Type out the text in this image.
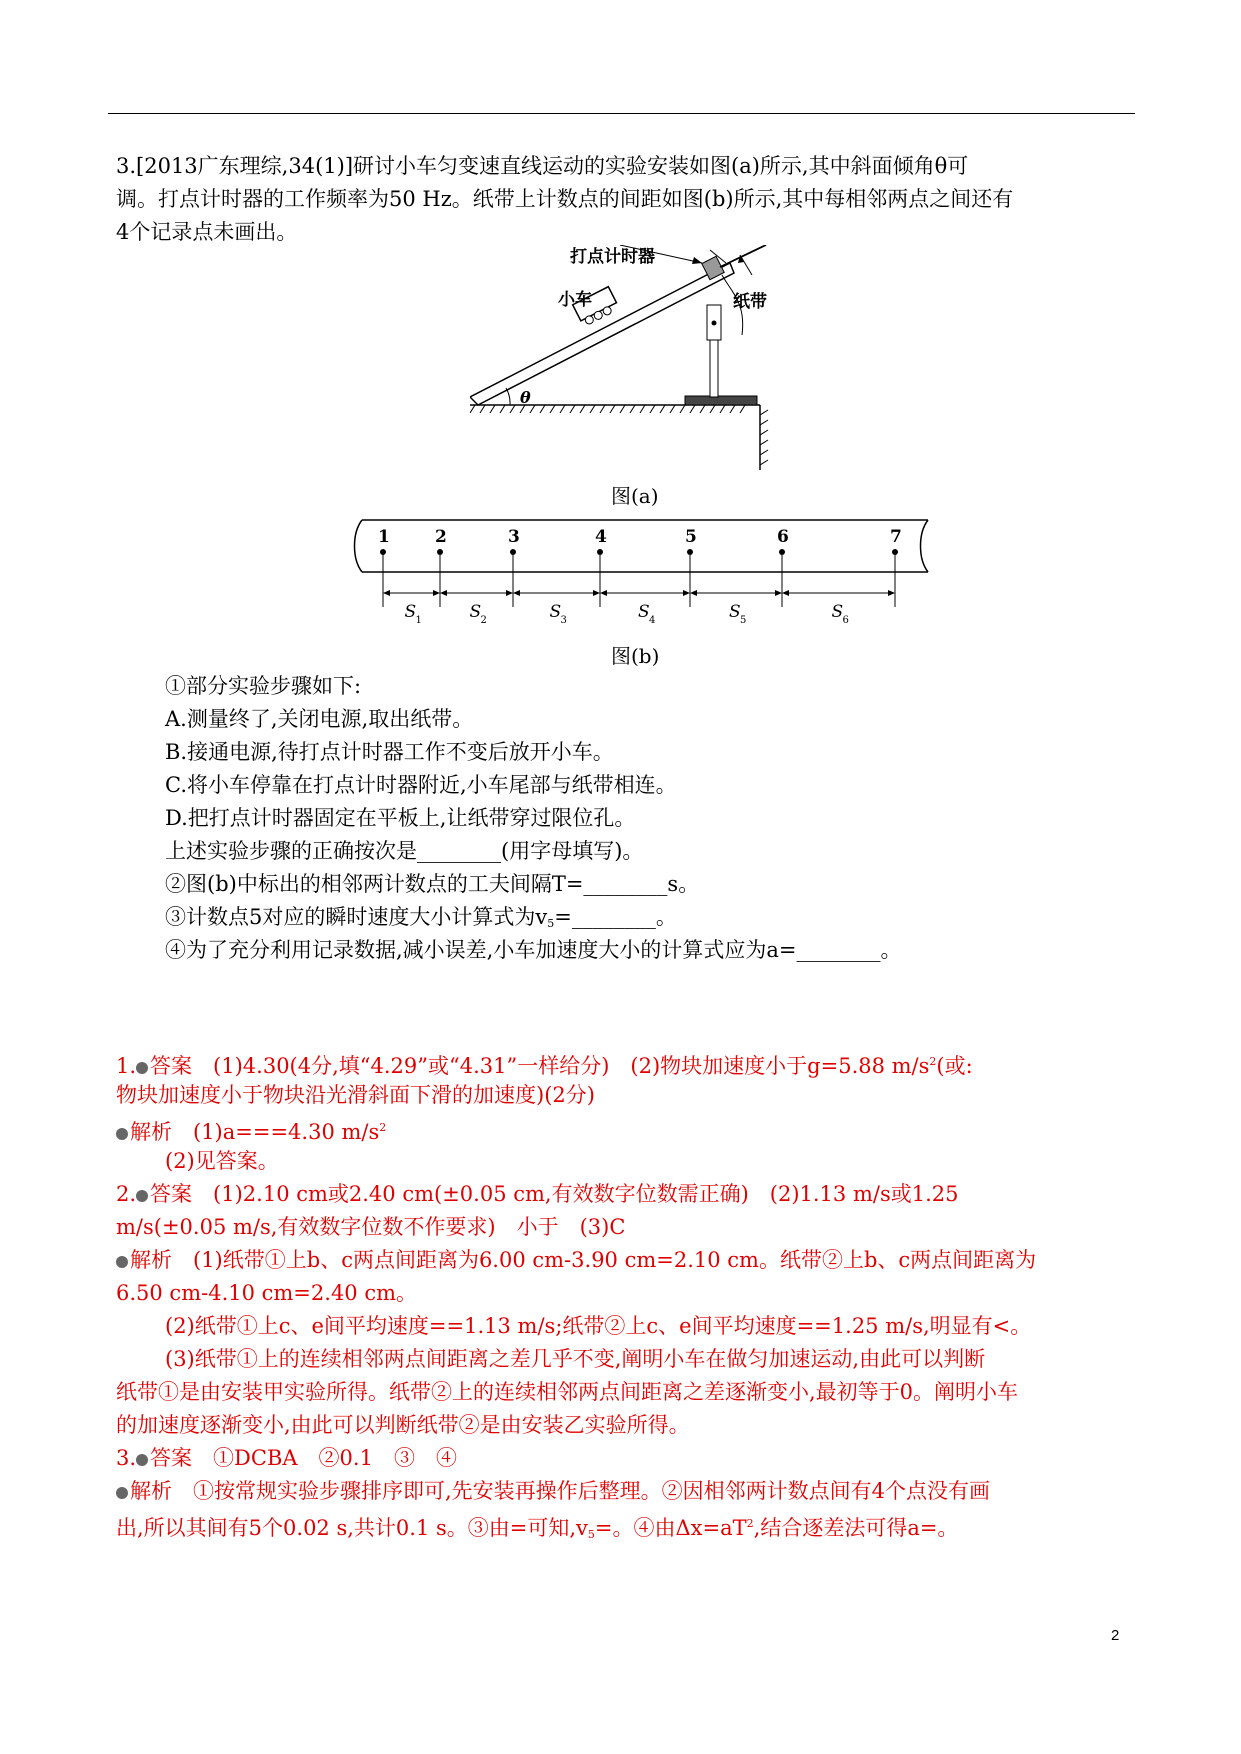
3.[2013广东理综,34(1)]研讨小车匀变速直线运动的实验安装如图(a)所示,其中斜面倾角θ可
调。打点计时器的工作频率为50 Hz。纸带上计数点的间距如图(b)所示,其中每相邻两点之间还有
4个记录点未画出。
θ
打点计时器
小车	纸带
图(a)
1	2	3	4	5	6	7
S 1	S 2	S 3	S 4	S 5	S 6
图(b)
①部分实验步骤如下:
A.测量终了,关闭电源,取出纸带。
B.接通电源,待打点计时器工作不变后放开小车。
C.将小车停靠在打点计时器附近,小车尾部与纸带相连。
D.把打点计时器固定在平板上,让纸带穿过限位孔。
上述实验步骤的正确按次是________(用字母填写)。
②图(b)中标出的相邻两计数点的工夫间隔T=________s。
③计数点5对应的瞬时速度大小计算式为$v_5=\_\_\_\_\_\_\_\_$。
④为了充分利用记录数据,减小误差,小车加速度大小的计算式应为a=________。
1. 答案　 (1)4.30(4分,填“4.29”或“4.31”一样给分)　(2)物块加速度小于g=5.88 $m/s^2$(或:
物块加速度小于物块沿光滑斜面下滑的加速度)(2分)
解析　 (1)a===4.30 $m/s^2$
(2)见答案。
2. 答案　 (1)2.10 cm或2.40 cm(±0.05 cm,有效数字位数需正确)　(2)1.13 m/s或1.25
m/s(±0.05 m/s,有效数字位数不作要求)　小于　(3)C
解析　 (1)纸带①上b、c两点间距离为6.00 cm-3.90 cm=2.10 cm。纸带②上b、c两点间距离为
6.50 cm-4.10 cm=2.40 cm。
(2)纸带①上c、e间平均速度==1.13 m/s;纸带②上c、e间平均速度==1.25 m/s,明显有<。
(3)纸带①上的连续相邻两点间距离之差几乎不变,阐明小车在做匀加速运动,由此可以判断
纸带①是由安装甲实验所得。纸带②上的连续相邻两点间距离之差逐渐变小,最初等于0。阐明小车
的加速度逐渐变小,由此可以判断纸带②是由安装乙实验所得。
3. 答案　 ①DCBA　②0.1　③　④
解析　 ①按常规实验步骤排序即可,先安装再操作后整理。②因相邻两计数点间有4个点没有画
出,所以其间有5个0.02 s,共计0.1 s。③由=可知$,v_5=$。④由$\Delta x=aT^2$,结合逐差法可得a=。
2
